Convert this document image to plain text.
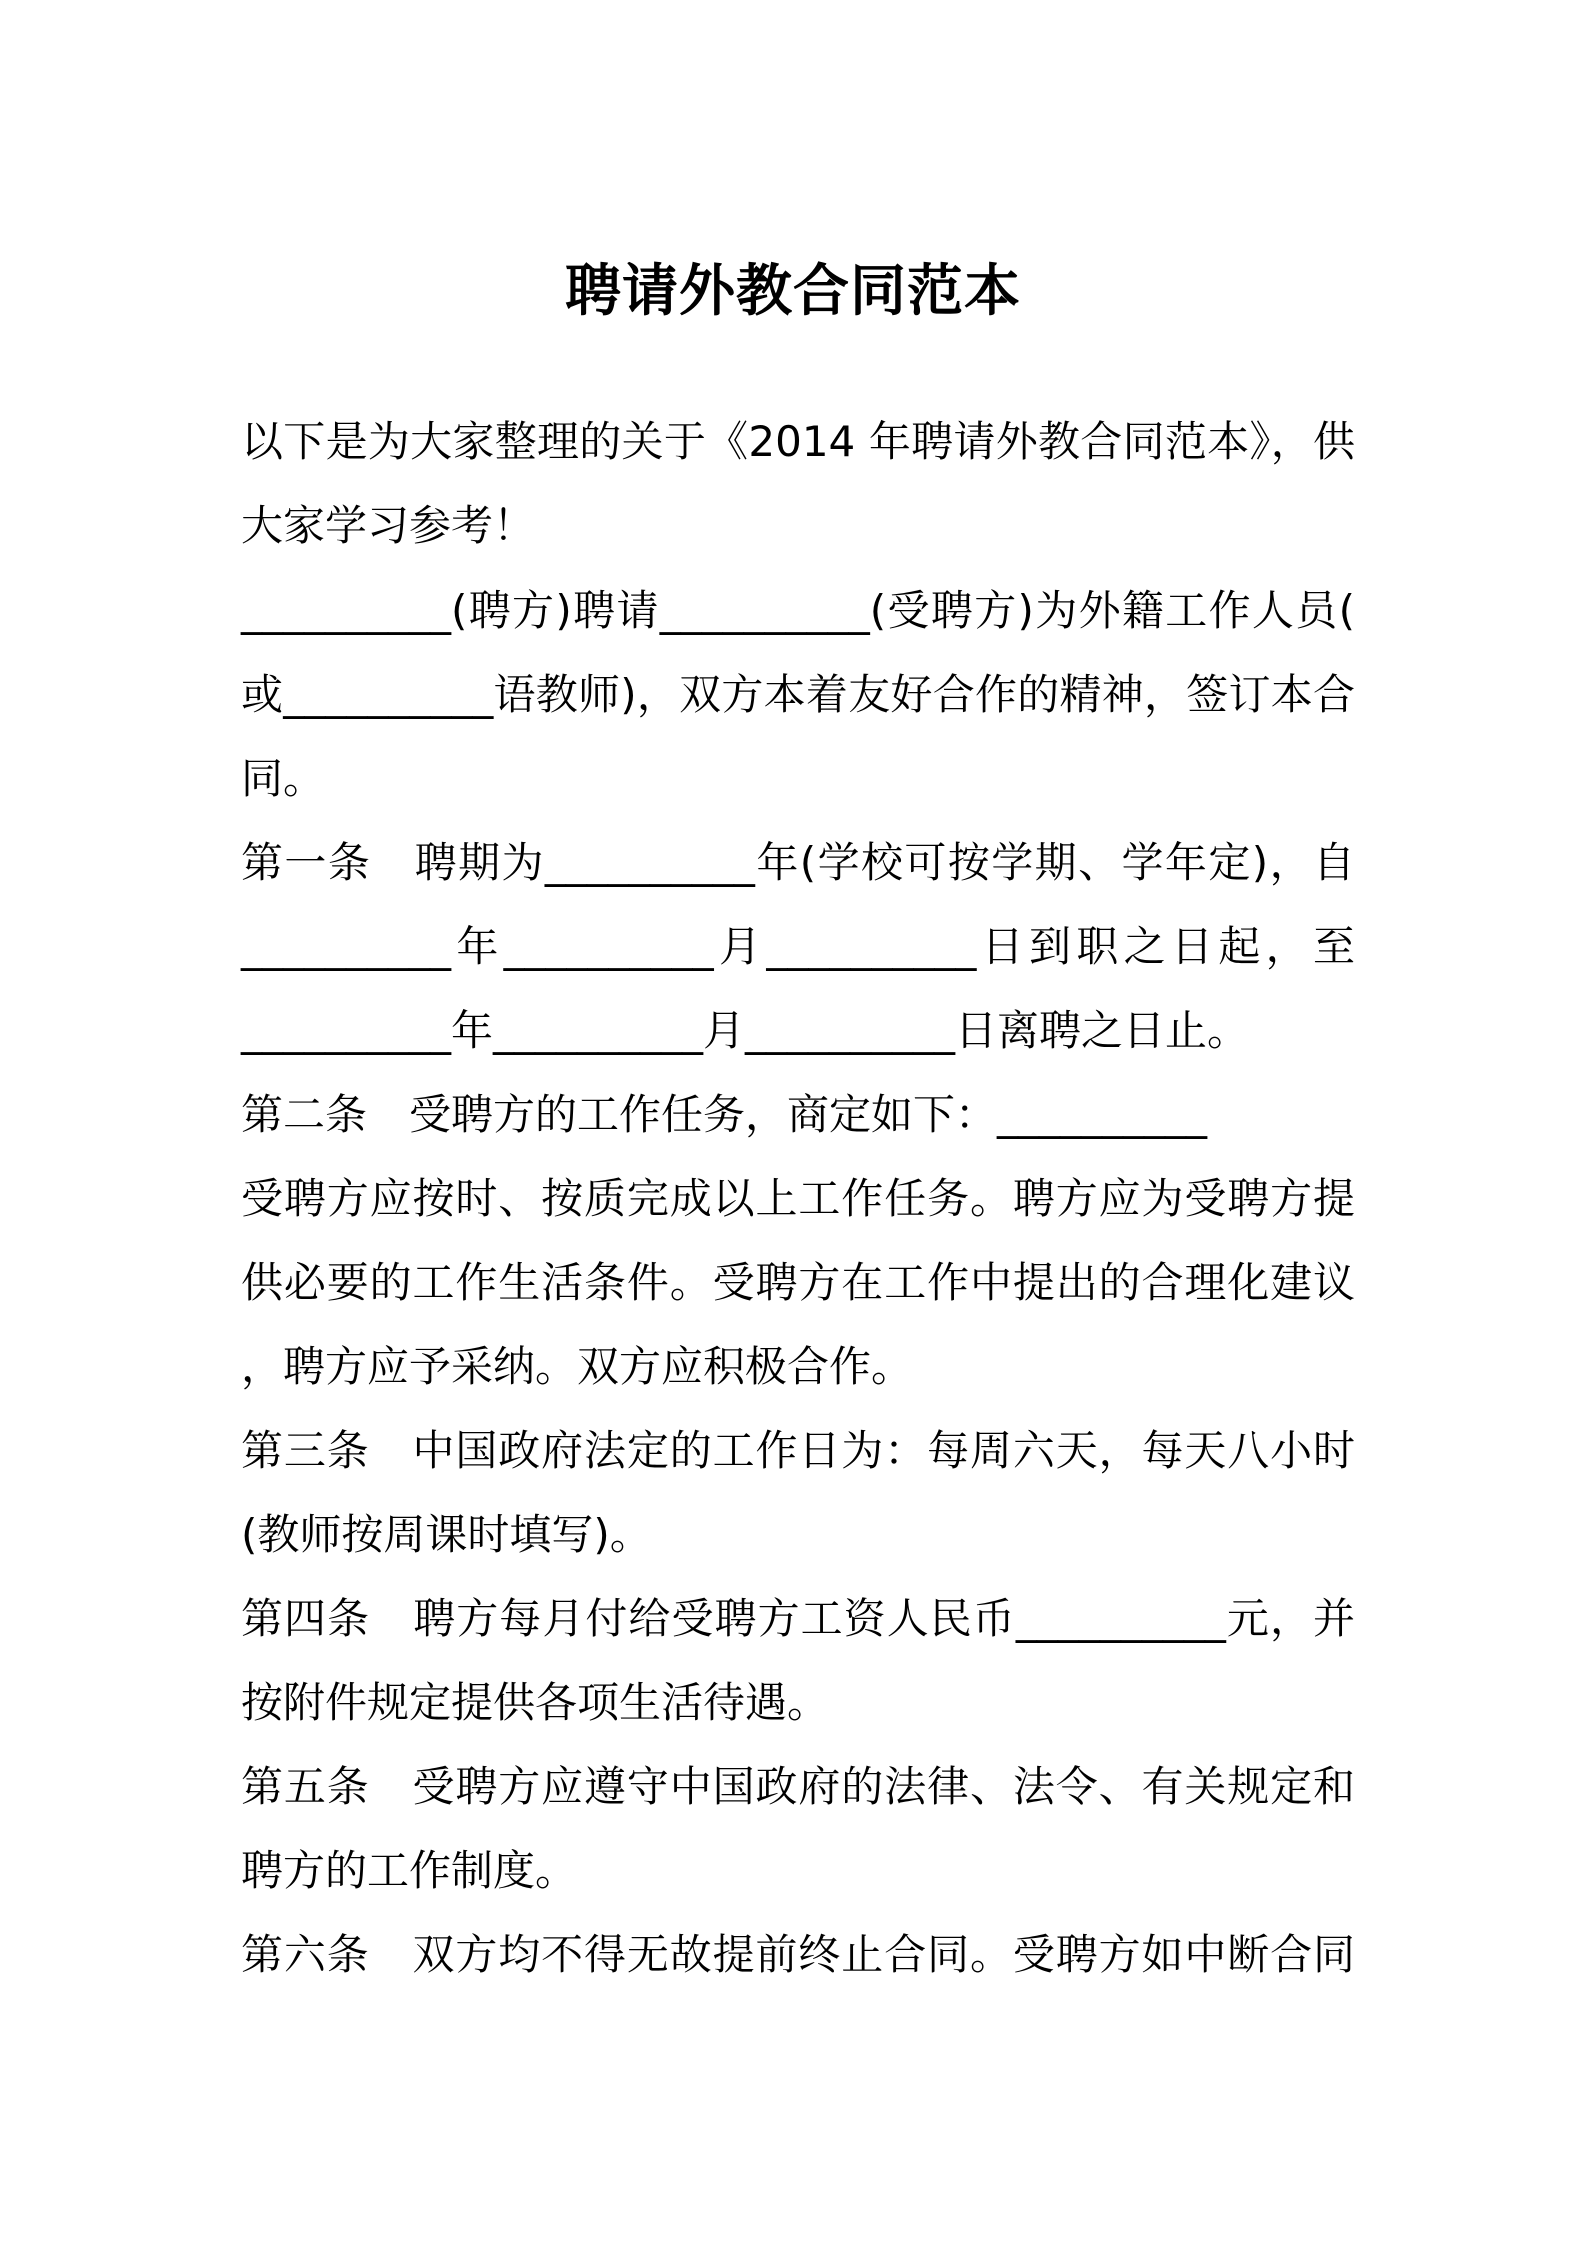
聘请外教合同范本
以下是为大家整理的关于《2014 年聘请外教合同范本》，供
大家学习参考！
__________(聘方)聘请__________(受聘方)为外籍工作人员(
或__________语教师)，双方本着友好合作的精神，签订本合
同。
第一条　聘期为__________年(学校可按学期、学年定)，自
__________年__________月__________日到职之日起，至
__________年__________月__________日离聘之日止。
第二条　受聘方的工作任务，商定如下：__________
受聘方应按时、按质完成以上工作任务。聘方应为受聘方提
供必要的工作生活条件。受聘方在工作中提出的合理化建议
，聘方应予采纳。双方应积极合作。
第三条　中国政府法定的工作日为：每周六天，每天八小时
(教师按周课时填写)。
第四条　聘方每月付给受聘方工资人民币__________元，并
按附件规定提供各项生活待遇。
第五条　受聘方应遵守中国政府的法律、法令、有关规定和
聘方的工作制度。
第六条　双方均不得无故提前终止合同。受聘方如中断合同
